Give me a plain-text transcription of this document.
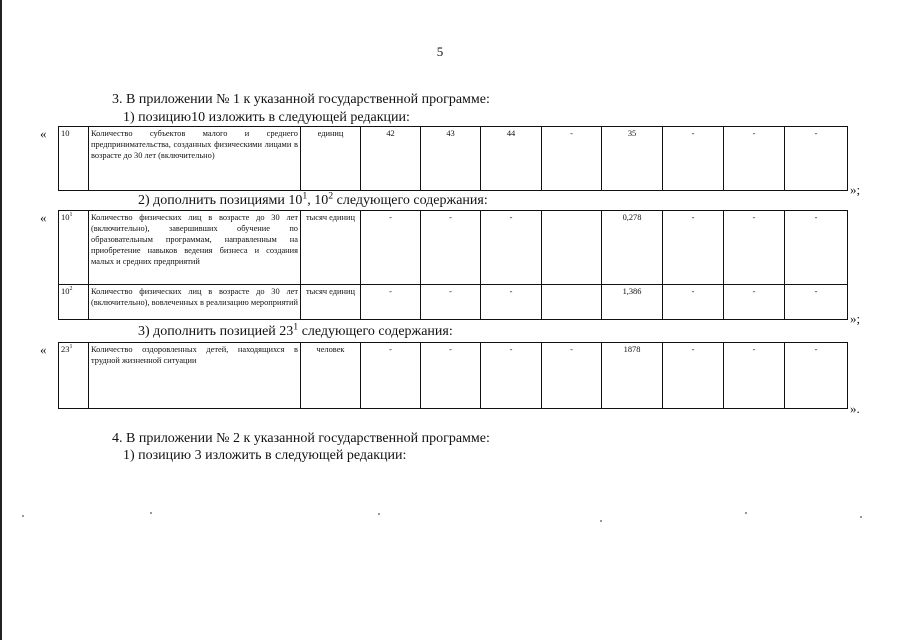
5
3. В приложении № 1 к указанной государственной программе:
1) позицию10 изложить в следующей редакции:
« 10	Количество субъектов малого и среднего предпринимательства, созданных физическими лицами в возрасте до 30 лет (включительно)	единиц	42	43	44	-	35	-	-	-
»;
2) дополнить позициями $10^1$, $10^2$ следующего содержания:
« $10^1$	Количество физических лиц в возрасте до 30 лет (включительно), завершивших обучение по образовательным программам, направленным на приобретение навыков ведения бизнеса и создания малых и средних предприятий	тысяч единиц	-	-	-		0,278	-	-	-
$10^2$	Количество физических лиц в возрасте до 30 лет (включительно), вовлеченных в реализацию мероприятий	тысяч единиц	-	-	-		1,386	-	-	-
»;
3) дополнить позицией $23^1$ следующего содержания:
« $23^1$	Количество оздоровленных детей, находящихся в трудной жизненной ситуации	человек	-	-	-	-	1878	-	-	-
».
4. В приложении № 2 к указанной государственной программе:
1) позицию 3 изложить в следующей редакции:
